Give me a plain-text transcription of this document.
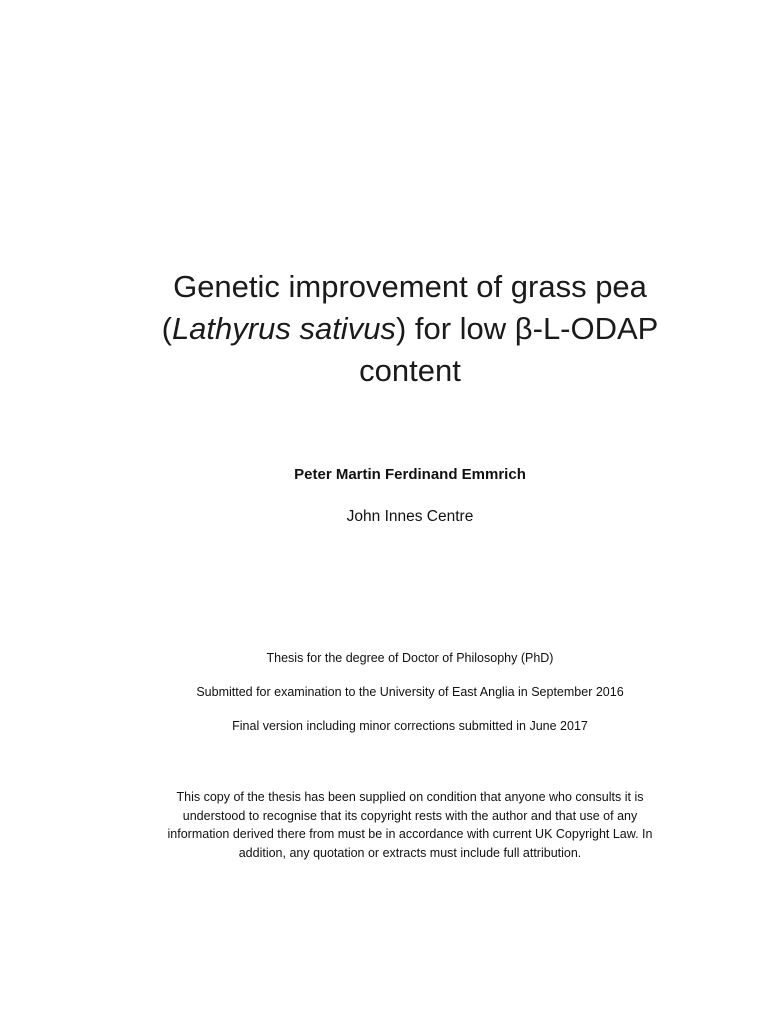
Genetic improvement of grass pea
(Lathyrus sativus) for low β-L-ODAP
content
Peter Martin Ferdinand Emmrich
John Innes Centre
Thesis for the degree of Doctor of Philosophy (PhD)
Submitted for examination to the University of East Anglia in September 2016
Final version including minor corrections submitted in June 2017
This copy of the thesis has been supplied on condition that anyone who consults it is
understood to recognise that its copyright rests with the author and that use of any
information derived there from must be in accordance with current UK Copyright Law. In
addition, any quotation or extracts must include full attribution.
